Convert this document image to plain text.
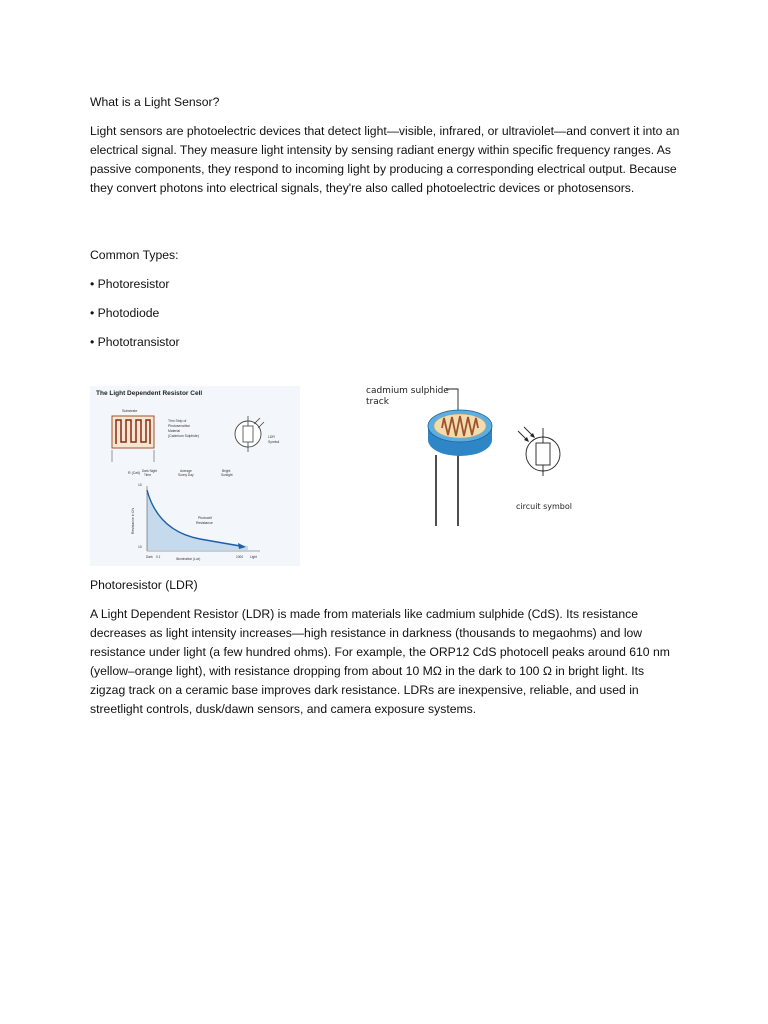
What is a Light Sensor?

Light sensors are photoelectric devices that detect light—visible, infrared, or ultraviolet—and convert it into an electrical signal. They measure light intensity by sensing radiant energy within specific frequency ranges. As passive components, they respond to incoming light by producing a corresponding electrical output. Because they convert photons into electrical signals, they're also called photoelectric devices or photosensors.

Common Types:

• Photoresistor

• Photodiode

• Phototransistor

The Light Dependent Resistor Cell
Substrate
R (Cell)
Thin Strip of
Photosensitive
Material
(Cadmium Sulphide)	LDR
Symbol
Dark Night
Time
Average
Sunny Day
Bright
Sunlight
10
Resistance in Ω's	Photocell
Resistance
10
Dark 0.1	Illumination (Lux)	1000 Light
cadmium sulphide
track
circuit symbol

Photoresistor (LDR)

A Light Dependent Resistor (LDR) is made from materials like cadmium sulphide (CdS). Its resistance decreases as light intensity increases—high resistance in darkness (thousands to megaohms) and low resistance under light (a few hundred ohms). For example, the ORP12 CdS photocell peaks around 610 nm (yellow–orange light), with resistance dropping from about 10 MΩ in the dark to 100 Ω in bright light. Its zigzag track on a ceramic base improves dark resistance. LDRs are inexpensive, reliable, and used in streetlight controls, dusk/dawn sensors, and camera exposure systems.
